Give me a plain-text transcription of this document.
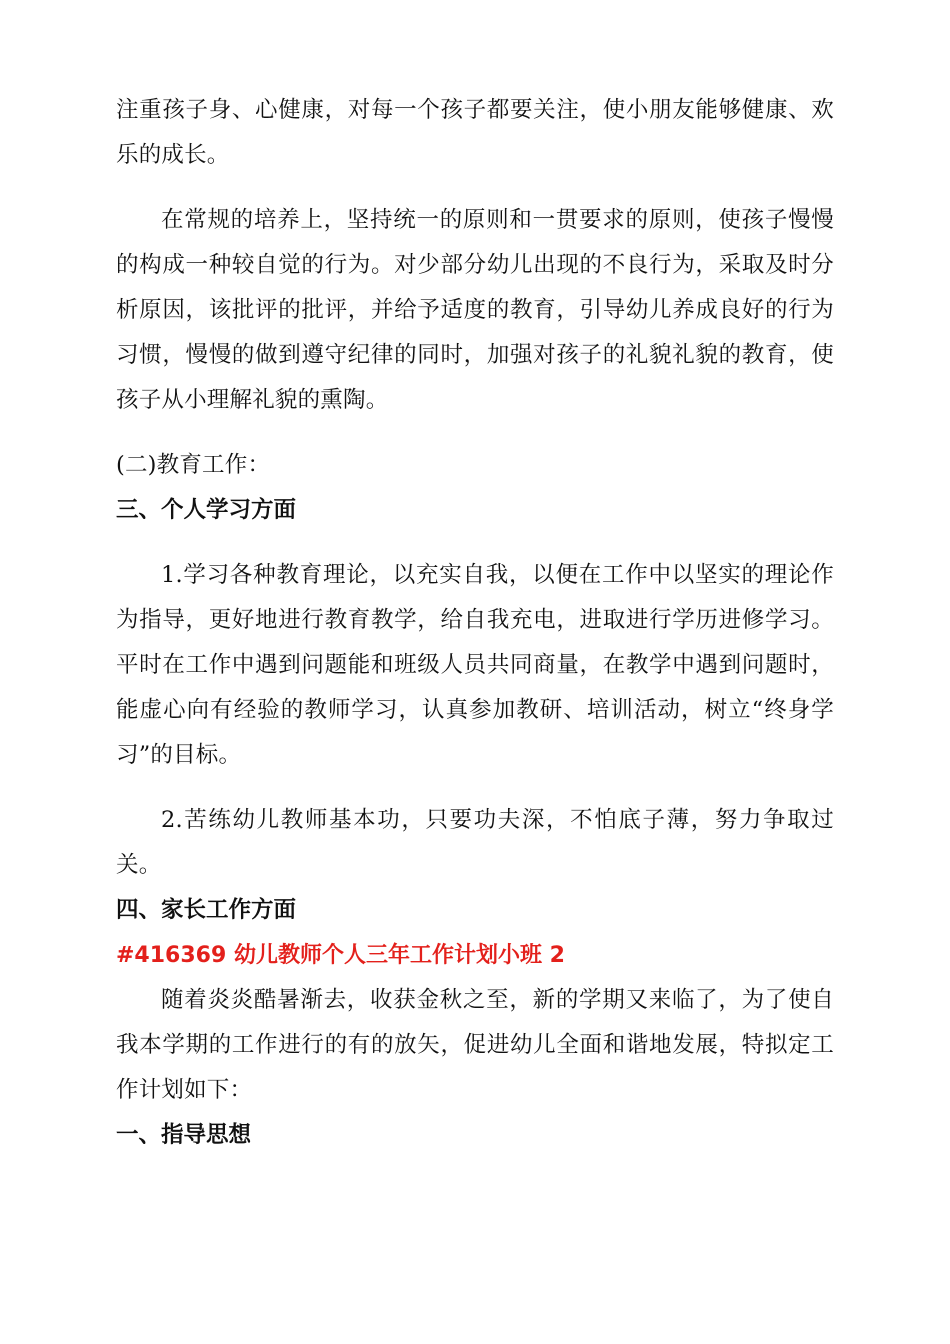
注重孩子身、心健康，对每一个孩子都要关注，使小朋友能够健康、欢乐的成长。

在常规的培养上，坚持统一的原则和一贯要求的原则，使孩子慢慢的构成一种较自觉的行为。对少部分幼儿出现的不良行为，采取及时分析原因，该批评的批评，并给予适度的教育，引导幼儿养成良好的行为习惯，慢慢的做到遵守纪律的同时，加强对孩子的礼貌礼貌的教育，使孩子从小理解礼貌的熏陶。

(二)教育工作：

三、个人学习方面

1.学习各种教育理论，以充实自我，以便在工作中以坚实的理论作为指导，更好地进行教育教学，给自我充电，进取进行学历进修学习。平时在工作中遇到问题能和班级人员共同商量，在教学中遇到问题时，能虚心向有经验的教师学习，认真参加教研、培训活动，树立“终身学习”的目标。

2.苦练幼儿教师基本功，只要功夫深，不怕底子薄，努力争取过关。

四、家长工作方面

#416369 幼儿教师个人三年工作计划小班 2

随着炎炎酷暑渐去，收获金秋之至，新的学期又来临了，为了使自我本学期的工作进行的有的放矢，促进幼儿全面和谐地发展，特拟定工作计划如下：

一、指导思想
